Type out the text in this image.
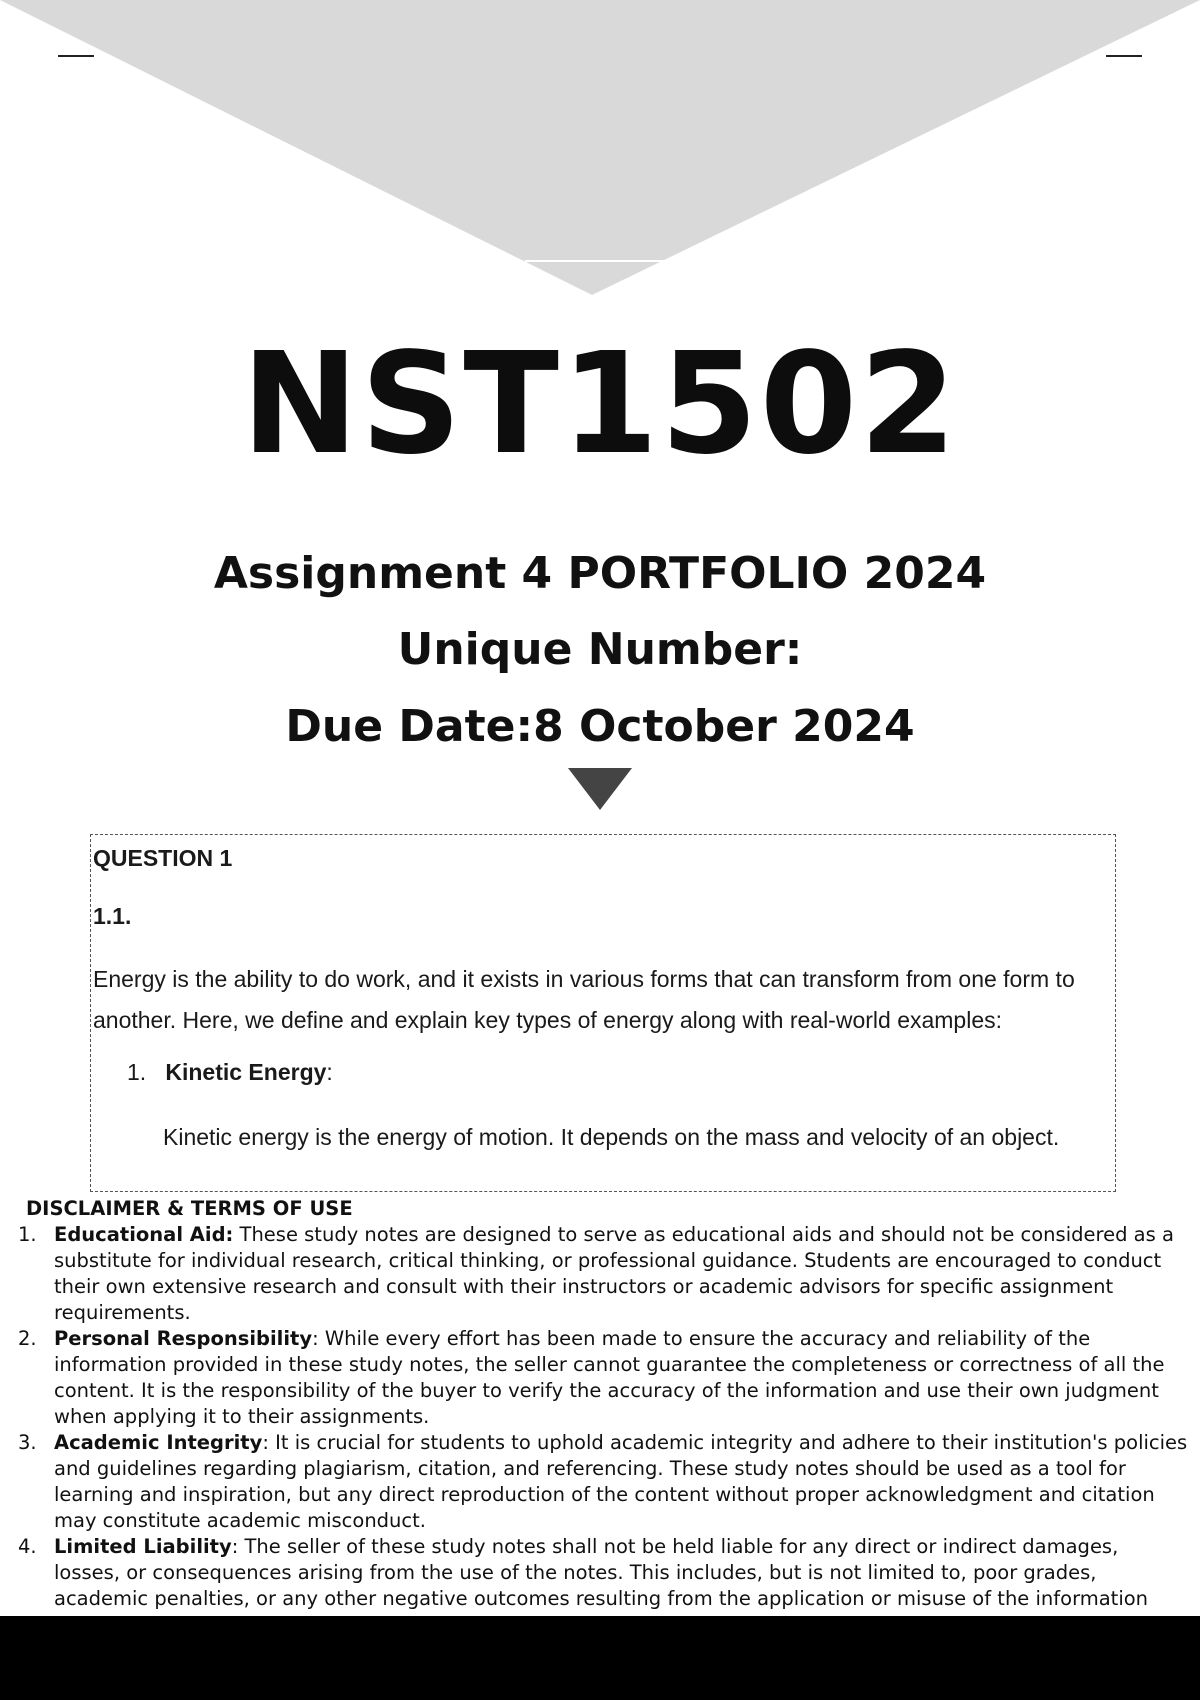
NST1502
Assignment 4 PORTFOLIO 2024
Unique Number:
Due Date:8 October 2024
QUESTION 1
1.1.
Energy is the ability to do work, and it exists in various forms that can transform from one form to another. Here, we define and explain key types of energy along with real-world examples:
1. Kinetic Energy:
Kinetic energy is the energy of motion. It depends on the mass and velocity of an object.
DISCLAIMER & TERMS OF USE
1. Educational Aid: These study notes are designed to serve as educational aids and should not be considered as a substitute for individual research, critical thinking, or professional guidance. Students are encouraged to conduct their own extensive research and consult with their instructors or academic advisors for specific assignment requirements.
2. Personal Responsibility: While every effort has been made to ensure the accuracy and reliability of the information provided in these study notes, the seller cannot guarantee the completeness or correctness of all the content. It is the responsibility of the buyer to verify the accuracy of the information and use their own judgment when applying it to their assignments.
3. Academic Integrity: It is crucial for students to uphold academic integrity and adhere to their institution's policies and guidelines regarding plagiarism, citation, and referencing. These study notes should be used as a tool for learning and inspiration, but any direct reproduction of the content without proper acknowledgment and citation may constitute academic misconduct.
4. Limited Liability: The seller of these study notes shall not be held liable for any direct or indirect damages, losses, or consequences arising from the use of the notes. This includes, but is not limited to, poor grades, academic penalties, or any other negative outcomes resulting from the application or misuse of the information
